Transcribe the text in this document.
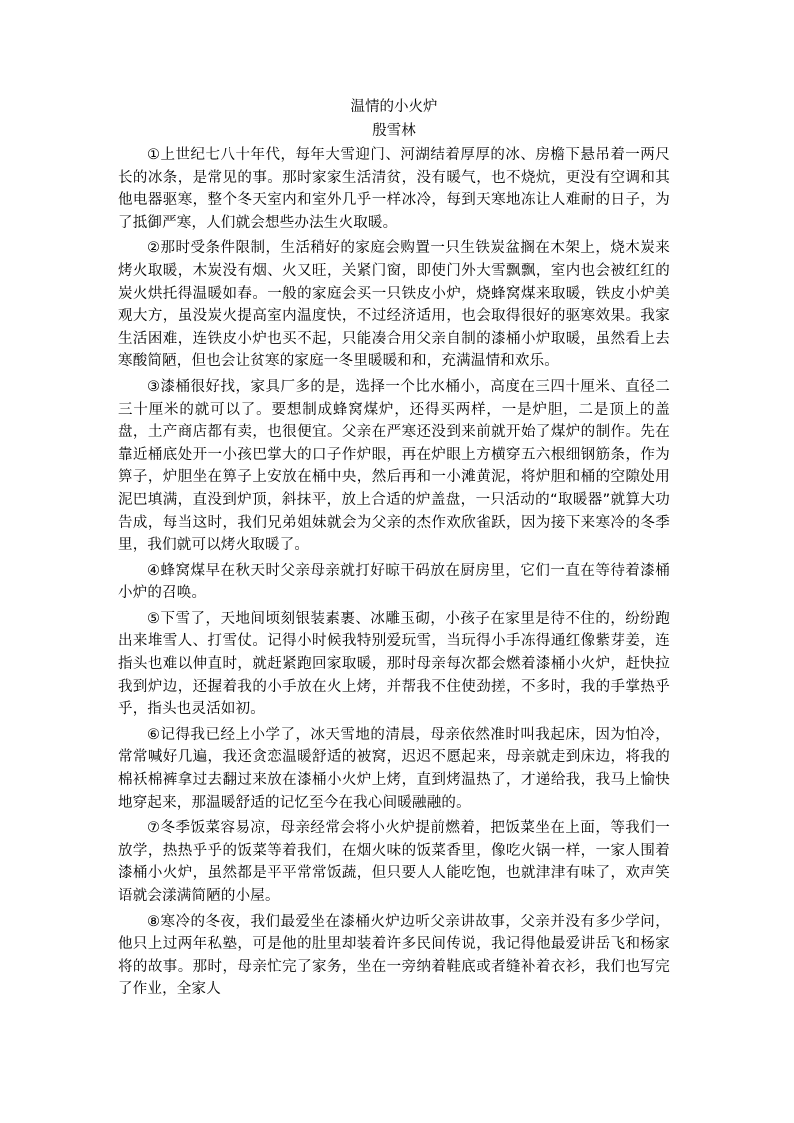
温情的小火炉
殷雪林

①上世纪七八十年代，每年大雪迎门、河湖结着厚厚的冰、房檐下悬吊着一两尺长的冰条，是常见的事。那时家家生活清贫，没有暖气，也不烧炕，更没有空调和其他电器驱寒，整个冬天室内和室外几乎一样冰冷，每到天寒地冻让人难耐的日子，为了抵御严寒，人们就会想些办法生火取暖。

②那时受条件限制，生活稍好的家庭会购置一只生铁炭盆搁在木架上，烧木炭来烤火取暖，木炭没有烟、火又旺，关紧门窗，即使门外大雪飘飘，室内也会被红红的炭火烘托得温暖如春。一般的家庭会买一只铁皮小炉，烧蜂窝煤来取暖，铁皮小炉美观大方，虽没炭火提高室内温度快，不过经济适用，也会取得很好的驱寒效果。我家生活困难，连铁皮小炉也买不起，只能凑合用父亲自制的漆桶小炉取暖，虽然看上去寒酸简陋，但也会让贫寒的家庭一冬里暖暖和和，充满温情和欢乐。

③漆桶很好找，家具厂多的是，选择一个比水桶小，高度在三四十厘米、直径二三十厘米的就可以了。要想制成蜂窝煤炉，还得买两样，一是炉胆，二是顶上的盖盘，土产商店都有卖，也很便宜。父亲在严寒还没到来前就开始了煤炉的制作。先在靠近桶底处开一小孩巴掌大的口子作炉眼，再在炉眼上方横穿五六根细钢筋条，作为箅子，炉胆坐在箅子上安放在桶中央，然后再和一小滩黄泥，将炉胆和桶的空隙处用泥巴填满，直没到炉顶，斜抹平，放上合适的炉盖盘，一只活动的“取暖器”就算大功告成，每当这时，我们兄弟姐妹就会为父亲的杰作欢欣雀跃，因为接下来寒冷的冬季里，我们就可以烤火取暖了。

④蜂窝煤早在秋天时父亲母亲就打好晾干码放在厨房里，它们一直在等待着漆桶小炉的召唤。

⑤下雪了，天地间顷刻银装素裹、冰雕玉砌，小孩子在家里是待不住的，纷纷跑出来堆雪人、打雪仗。记得小时候我特别爱玩雪，当玩得小手冻得通红像紫芽姜，连指头也难以伸直时，就赶紧跑回家取暖，那时母亲每次都会燃着漆桶小火炉，赶快拉我到炉边，还握着我的小手放在火上烤，并帮我不住使劲搓，不多时，我的手掌热乎乎，指头也灵活如初。

⑥记得我已经上小学了，冰天雪地的清晨，母亲依然准时叫我起床，因为怕冷，常常喊好几遍，我还贪恋温暖舒适的被窝，迟迟不愿起来，母亲就走到床边，将我的棉袄棉裤拿过去翻过来放在漆桶小火炉上烤，直到烤温热了，才递给我，我马上愉快地穿起来，那温暖舒适的记忆至今在我心间暖融融的。

⑦冬季饭菜容易凉，母亲经常会将小火炉提前燃着，把饭菜坐在上面，等我们一放学，热热乎乎的饭菜等着我们，在烟火味的饭菜香里，像吃火锅一样，一家人围着漆桶小火炉，虽然都是平平常常饭蔬，但只要人人能吃饱，也就津津有味了，欢声笑语就会漾满简陋的小屋。

⑧寒冷的冬夜，我们最爱坐在漆桶火炉边听父亲讲故事，父亲并没有多少学问，他只上过两年私塾，可是他的肚里却装着许多民间传说，我记得他最爱讲岳飞和杨家将的故事。那时，母亲忙完了家务，坐在一旁纳着鞋底或者缝补着衣衫，我们也写完了作业，全家人
